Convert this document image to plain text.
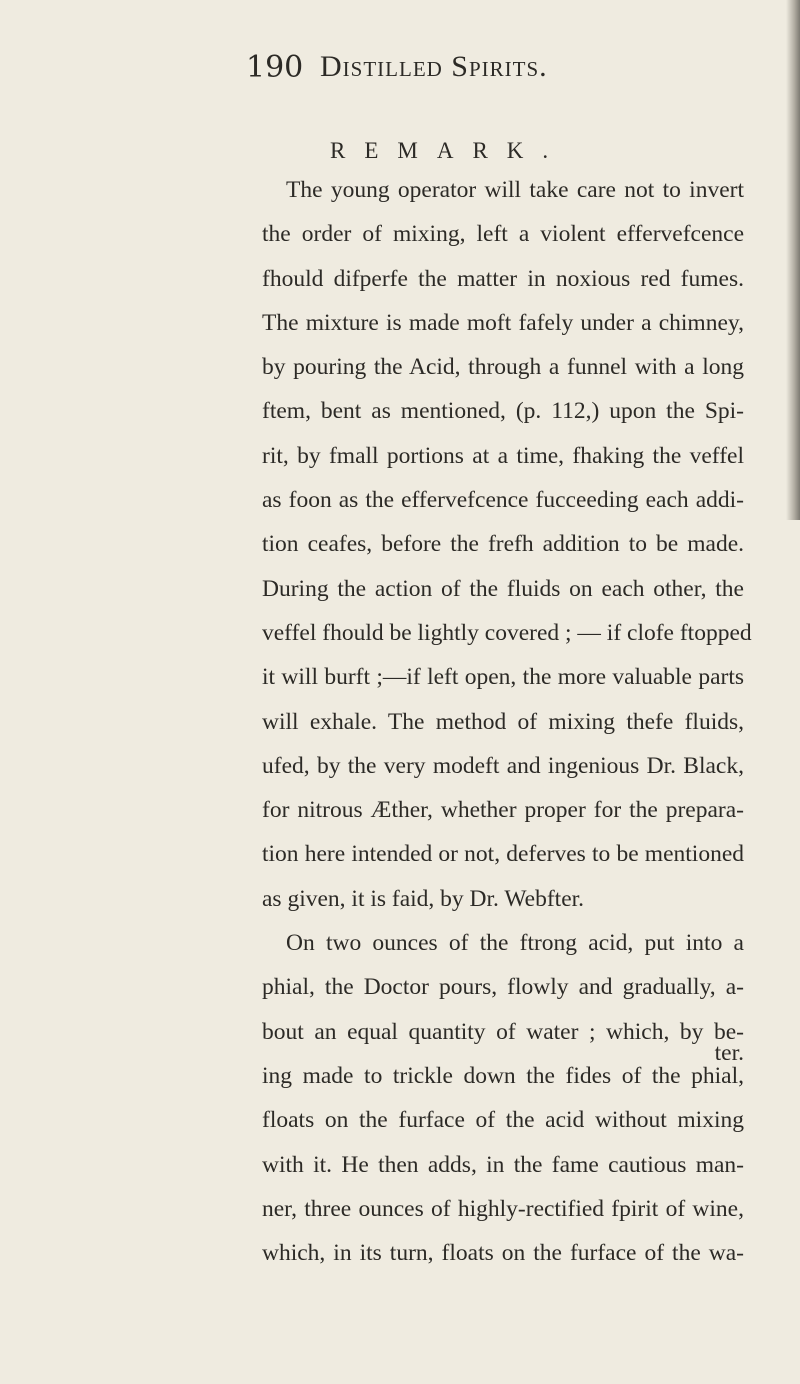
190 Distilled Spirits.
REMARK.
The young operator will take care not to invert
the order of mixing, left a violent effervefcence
fhould difperfe the matter in noxious red fumes.
The mixture is made moft fafely under a chimney,
by pouring the Acid, through a funnel with a long
ftem, bent as mentioned, (p. 112,) upon the Spi-
rit, by fmall portions at a time, fhaking the veffel
as foon as the effervefcence fucceeding each addi-
tion ceafes, before the frefh addition to be made.
During the action of the fluids on each other, the
veffel fhould be lightly covered ; — if clofe ftopped
it will burft ;—if left open, the more valuable parts
will exhale. The method of mixing thefe fluids,
ufed, by the very modeft and ingenious Dr. Black,
for nitrous Æther, whether proper for the prepara-
tion here intended or not, deferves to be mentioned
as given, it is faid, by Dr. Webfter.
On two ounces of the ftrong acid, put into a
phial, the Doctor pours, flowly and gradually, a-
bout an equal quantity of water ; which, by be-
ing made to trickle down the fides of the phial,
floats on the furface of the acid without mixing
with it. He then adds, in the fame cautious man-
ner, three ounces of highly-rectified fpirit of wine,
which, in its turn, floats on the furface of the wa-
ter.
